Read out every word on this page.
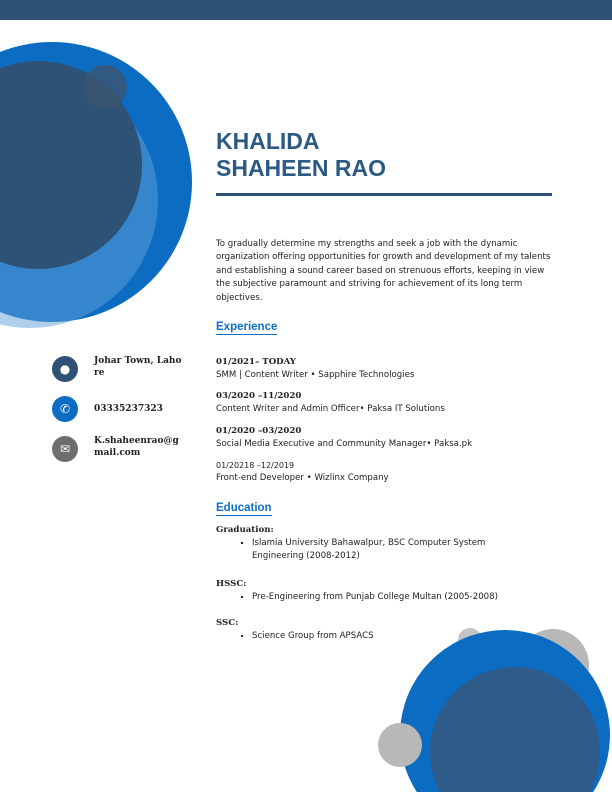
KHALIDA
SHAHEEN RAO
To gradually determine my strengths and seek a job with the dynamic organization offering opportunities for growth and development of my talents and establishing a sound career based on strenuous efforts, keeping in view the subjective paramount and striving for achievement of its long term objectives.
Experience
01/2021– TODAY
SMM | Content Writer • Sapphire Technologies
03/2020 –11/2020
Content Writer and Admin Officer• Paksa IT Solutions
01/2020 –03/2020
Social Media Executive and Community Manager• Paksa.pk
01/20218 –12/2019
Front-end Developer • Wizlinx Company
●
Johar Town, Lahore
✆	03335237323
✉
K.shaheenrao@gmail.com
Education
Graduation:
▪ Islamia University Bahawalpur, BSC Computer System Engineering (2008-2012)
HSSC:
▪ Pre-Engineering from Punjab College Multan (2005-2008)
SSC:
▪ Science Group from APSACS
